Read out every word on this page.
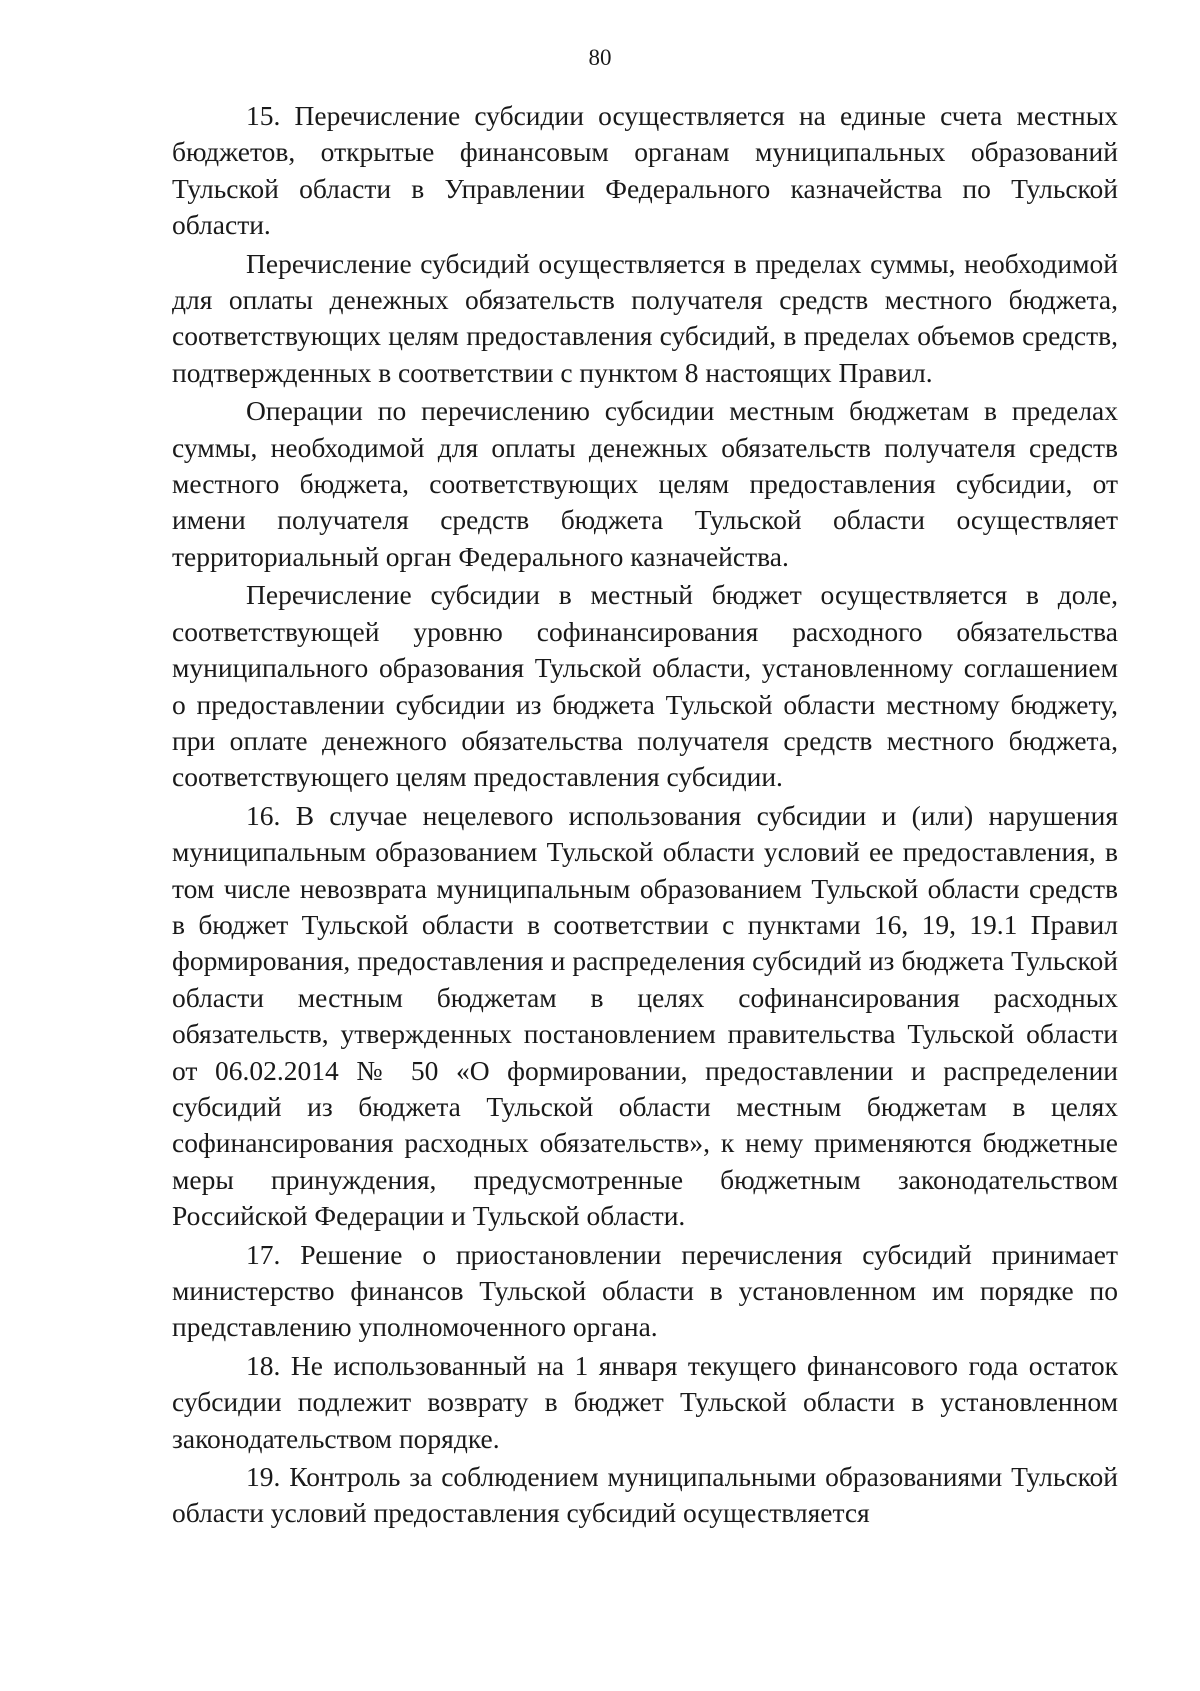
80

15. Перечисление субсидии осуществляется на единые счета местных бюджетов, открытые финансовым органам муниципальных образований Тульской области в Управлении Федерального казначейства по Тульской области.

Перечисление субсидий осуществляется в пределах суммы, необходимой для оплаты денежных обязательств получателя средств местного бюджета, соответствующих целям предоставления субсидий, в пределах объемов средств, подтвержденных в соответствии с пунктом 8 настоящих Правил.

Операции по перечислению субсидии местным бюджетам в пределах суммы, необходимой для оплаты денежных обязательств получателя средств местного бюджета, соответствующих целям предоставления субсидии, от имени получателя средств бюджета Тульской области осуществляет территориальный орган Федерального казначейства.

Перечисление субсидии в местный бюджет осуществляется в доле, соответствующей уровню софинансирования расходного обязательства муниципального образования Тульской области, установленному соглашением о предоставлении субсидии из бюджета Тульской области местному бюджету, при оплате денежного обязательства получателя средств местного бюджета, соответствующего целям предоставления субсидии.

16. В случае нецелевого использования субсидии и (или) нарушения муниципальным образованием Тульской области условий ее предоставления, в том числе невозврата муниципальным образованием Тульской области средств в бюджет Тульской области в соответствии с пунктами 16, 19, 19.1 Правил формирования, предоставления и распределения субсидий из бюджета Тульской области местным бюджетам в целях софинансирования расходных обязательств, утвержденных постановлением правительства Тульской области от 06.02.2014 № 50 «О формировании, предоставлении и распределении субсидий из бюджета Тульской области местным бюджетам в целях софинансирования расходных обязательств», к нему применяются бюджетные меры принуждения, предусмотренные бюджетным законодательством Российской Федерации и Тульской области.

17. Решение о приостановлении перечисления субсидий принимает министерство финансов Тульской области в установленном им порядке по представлению уполномоченного органа.

18. Не использованный на 1 января текущего финансового года остаток субсидии подлежит возврату в бюджет Тульской области в установленном законодательством порядке.

19. Контроль за соблюдением муниципальными образованиями Тульской области условий предоставления субсидий осуществляется
